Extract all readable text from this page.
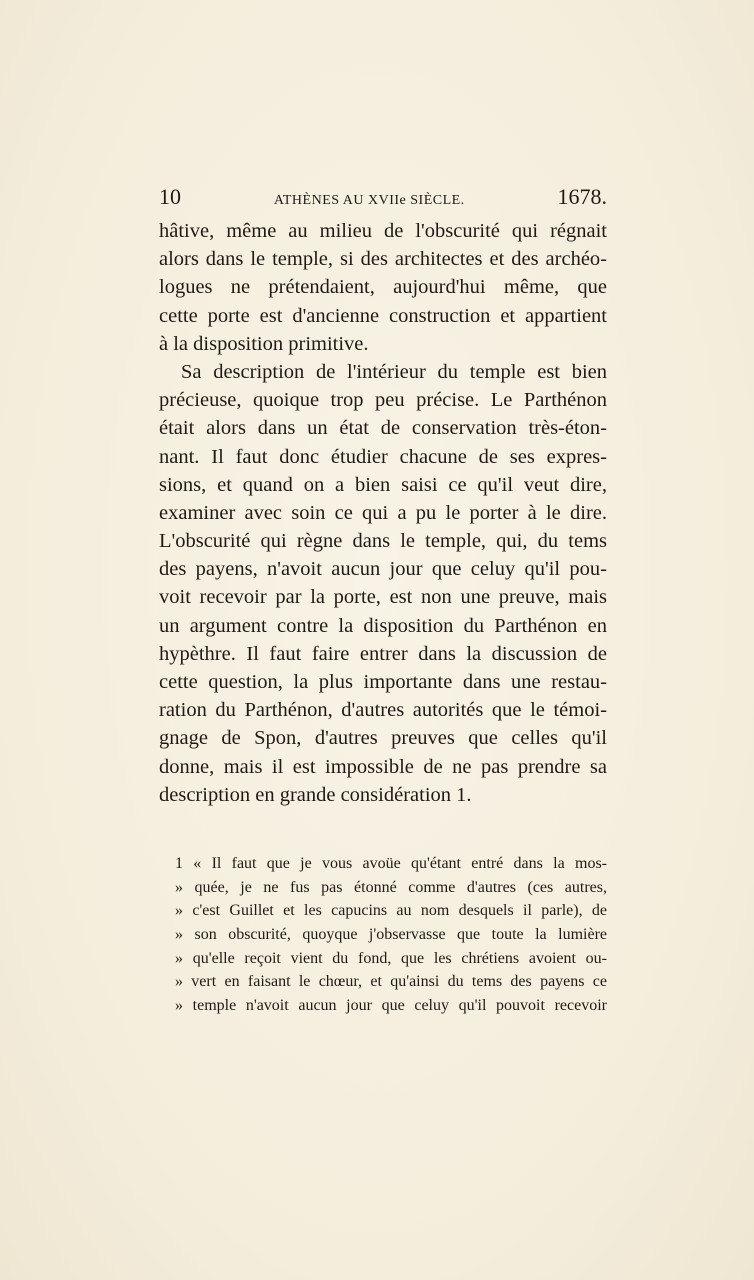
10	ATHÈNES AU XVIIe SIÈCLE.	1678.
hâtive, même au milieu de l'obscurité qui régnait
alors dans le temple, si des architectes et des archéo-
logues ne prétendaient, aujourd'hui même, que
cette porte est d'ancienne construction et appartient
à la disposition primitive.
Sa description de l'intérieur du temple est bien
précieuse, quoique trop peu précise. Le Parthénon
était alors dans un état de conservation très-éton-
nant. Il faut donc étudier chacune de ses expres-
sions, et quand on a bien saisi ce qu'il veut dire,
examiner avec soin ce qui a pu le porter à le dire.
L'obscurité qui règne dans le temple, qui, du tems
des payens, n'avoit aucun jour que celuy qu'il pou-
voit recevoir par la porte, est non une preuve, mais
un argument contre la disposition du Parthénon en
hypèthre. Il faut faire entrer dans la discussion de
cette question, la plus importante dans une restau-
ration du Parthénon, d'autres autorités que le témoi-
gnage de Spon, d'autres preuves que celles qu'il
donne, mais il est impossible de ne pas prendre sa
description en grande considération 1.
1 « Il faut que je vous avoüe qu'étant entré dans la mos-
» quée, je ne fus pas étonné comme d'autres (ces autres,
» c'est Guillet et les capucins au nom desquels il parle), de
» son obscurité, quoyque j'observasse que toute la lumière
» qu'elle reçoit vient du fond, que les chrétiens avoient ou-
» vert en faisant le chœur, et qu'ainsi du tems des payens ce
» temple n'avoit aucun jour que celuy qu'il pouvoit recevoir
